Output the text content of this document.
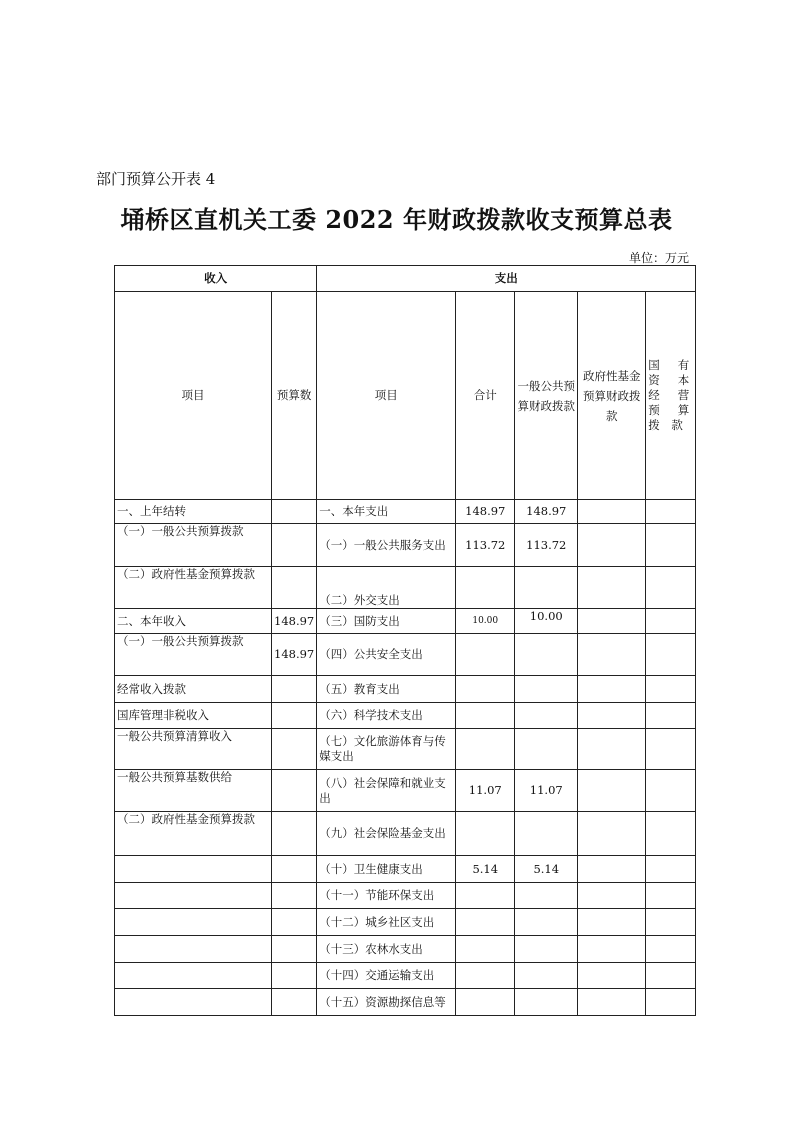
部门预算公开表 4
埇桥区直机关工委 2022 年财政拨款收支预算总表
单位：万元
收入		支出				
项目	预算数	项目	合计	一般公共预算财政拨款	政府性基金预算财政拨款	国 有 资 本 经 营 预 算 拨 款
一、上年结转		一、本年支出	148.97	148.97		
（一）一般公共预算拨款		（一）一般公共服务支出	113.72	113.72		
（二）政府性基金预算拨款		（二）外交支出				
二、本年收入	148.97	（三）国防支出	10.00	10.00		
（一）一般公共预算拨款	148.97	（四）公共安全支出				
经常收入拨款		（五）教育支出				
国库管理非税收入		（六）科学技术支出				
一般公共预算清算收入		（七）文化旅游体育与传媒支出				
一般公共预算基数供给		（八）社会保障和就业支出	11.07	11.07		
（二）政府性基金预算拨款		（九）社会保险基金支出				
		（十）卫生健康支出	5.14	5.14		
		（十一）节能环保支出				
		（十二）城乡社区支出				
		（十三）农林水支出				
		（十四）交通运输支出				
		（十五）资源勘探信息等				
